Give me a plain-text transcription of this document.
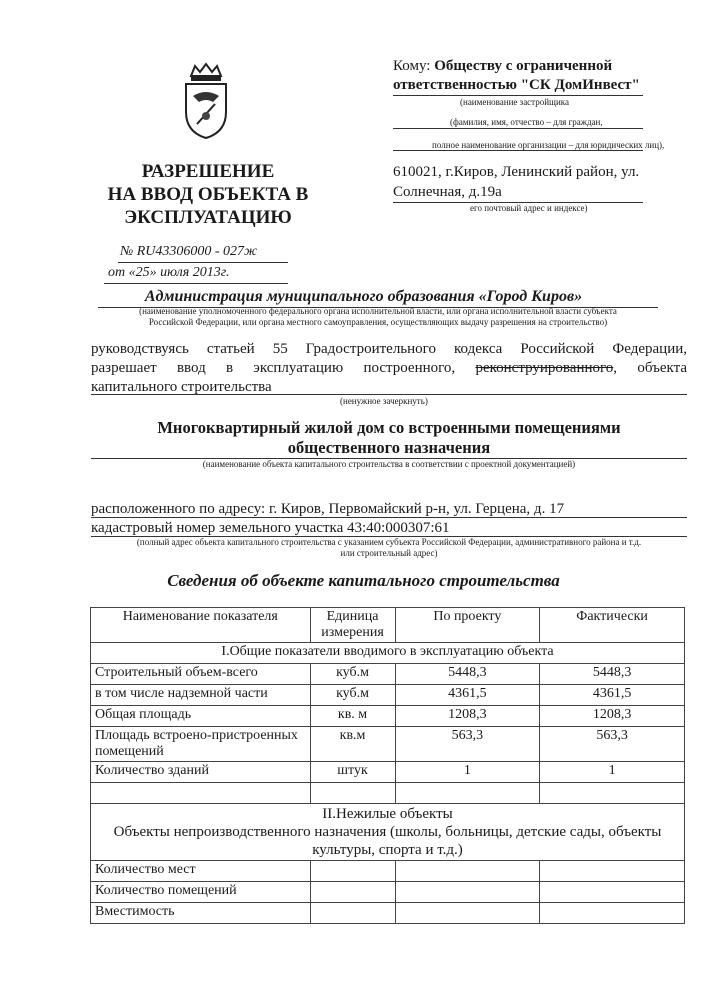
Кому: Обществу с ограниченной
ответственностью "СК ДомИнвест"
(наименование застройщика
(фамилия, имя, отчество – для граждан,
полное наименование организации – для юридических лиц),
610021, г.Киров, Ленинский район, ул.
Солнечная, д.19а
его почтовый адрес и индексе)
РАЗРЕШЕНИЕ
НА ВВОД ОБЪЕКТА В
ЭКСПЛУАТАЦИЮ
№ RU43306000 - 027ж
от «25» июля 2013г.
Администрация муниципального образования «Город Киров»
(наименование уполномоченного федерального органа исполнительной власти, или органа исполнительной власти субъекта
Российской Федерации, или органа местного самоуправления, осуществляющих выдачу разрешения на строительство)
руководствуясь статьей 55 Градостроительного кодекса Российской Федерации,
разрешает ввод в эксплуатацию построенного, реконструированного, объекта
капитального строительства
(ненужное зачеркнуть)
Многоквартирный жилой дом со встроенными помещениями
общественного назначения
(наименование объекта капитального строительства в соответствии с проектной документацией)
расположенного по адресу: г. Киров, Первомайский р-н, ул. Герцена, д. 17
кадастровый номер земельного участка 43:40:000307:61
(полный адрес объекта капитального строительства с указанием субъекта Российской Федерации, административного района и т.д.
или строительный адрес)
Сведения об объекте капитального строительства
Наименование показателя	Единица измерения	По проекту	Фактически
I.Общие показатели вводимого в эксплуатацию объекта			
Строительный объем-всего	куб.м	5448,3	5448,3
в том числе надземной части	куб.м	4361,5	4361,5
Общая площадь	кв. м	1208,3	1208,3
Площадь встроено-пристроенных помещений	кв.м	563,3	563,3
Количество зданий	штук	1	1

II.Нежилые объекты
Объекты непроизводственного назначения (школы, больницы, детские сады, объекты культуры, спорта и т.д.)			

Количество мест			
Количество помещений			
Вместимость			
